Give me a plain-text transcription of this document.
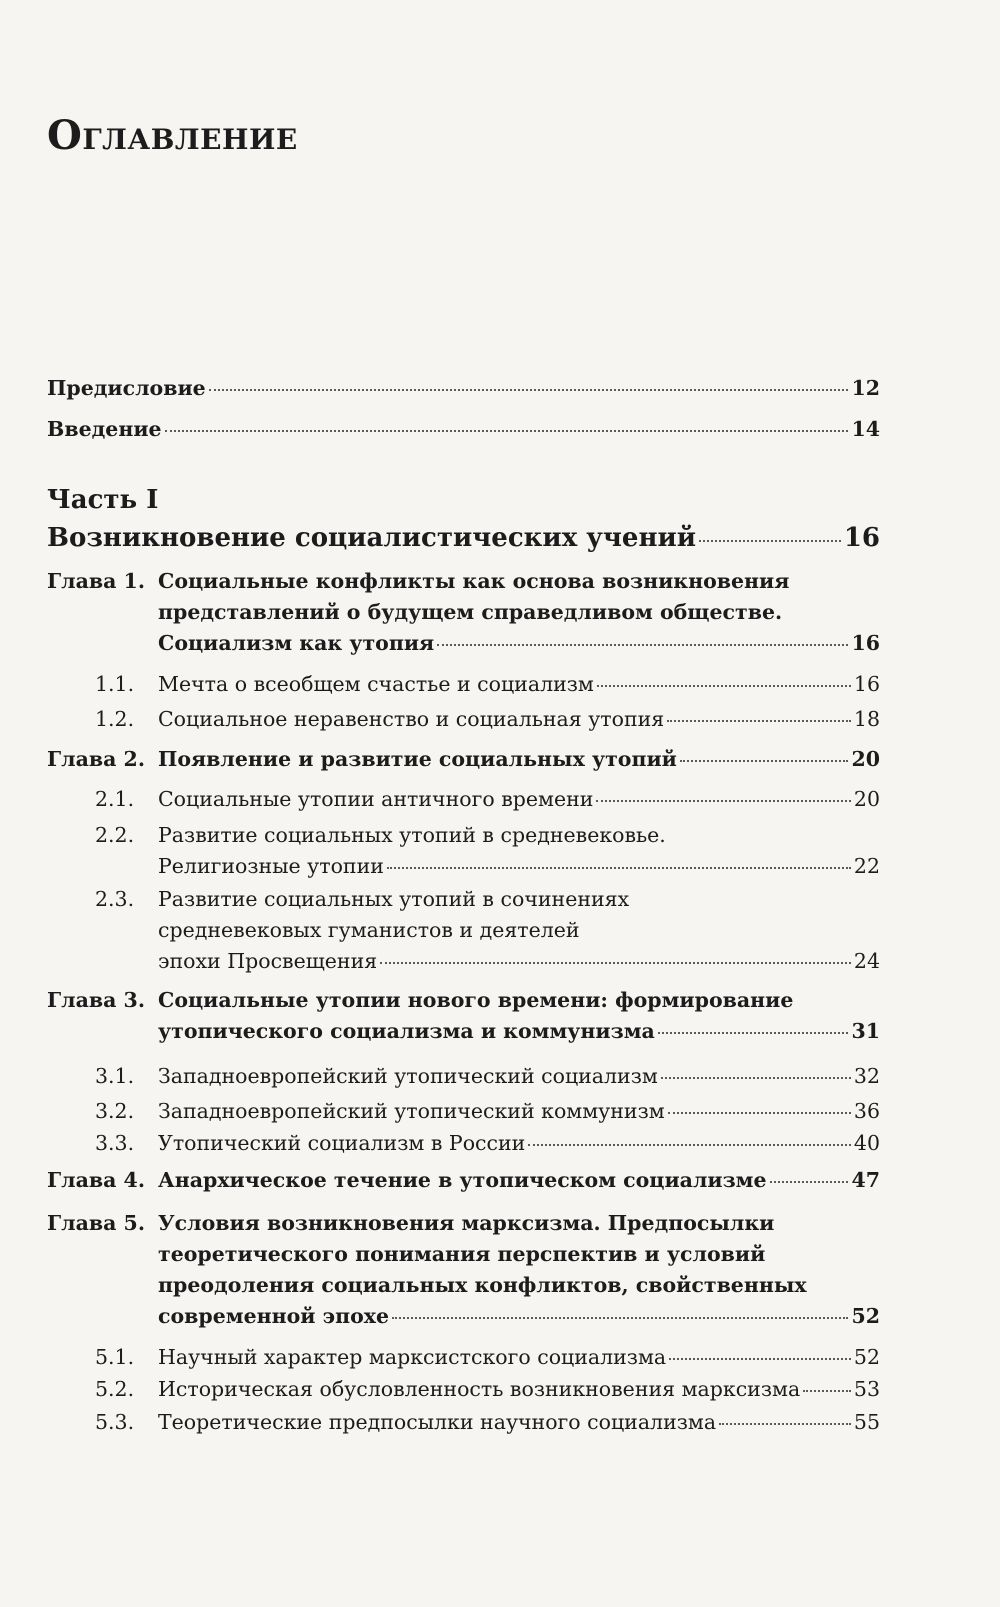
Оглавление
Предисловие	12
Введение	14
Часть I
Возникновение социалистических учений	16
Глава 1. Социальные конфликты как основа возникновения
представлений о будущем справедливом обществе.
Социализм как утопия	16
1.1. Мечта о всеобщем счастье и социализм	16
1.2. Социальное неравенство и социальная утопия	18
Глава 2. Появление и развитие социальных утопий	20
2.1. Социальные утопии античного времени	20
2.2. Развитие социальных утопий в средневековье.
Религиозные утопии	22
2.3. Развитие социальных утопий в сочинениях
средневековых гуманистов и деятелей
эпохи Просвещения	24
Глава 3. Социальные утопии нового времени: формирование
утопического социализма и коммунизма	31
3.1. Западноевропейский утопический социализм	32
3.2. Западноевропейский утопический коммунизм	36
3.3. Утопический социализм в России	40
Глава 4. Анархическое течение в утопическом социализме	47
Глава 5. Условия возникновения марксизма. Предпосылки
теоретического понимания перспектив и условий
преодоления социальных конфликтов, свойственных
современной эпохе	52
5.1. Научный характер марксистского социализма	52
5.2. Историческая обусловленность возникновения марксизма	53
5.3. Теоретические предпосылки научного социализма	55
